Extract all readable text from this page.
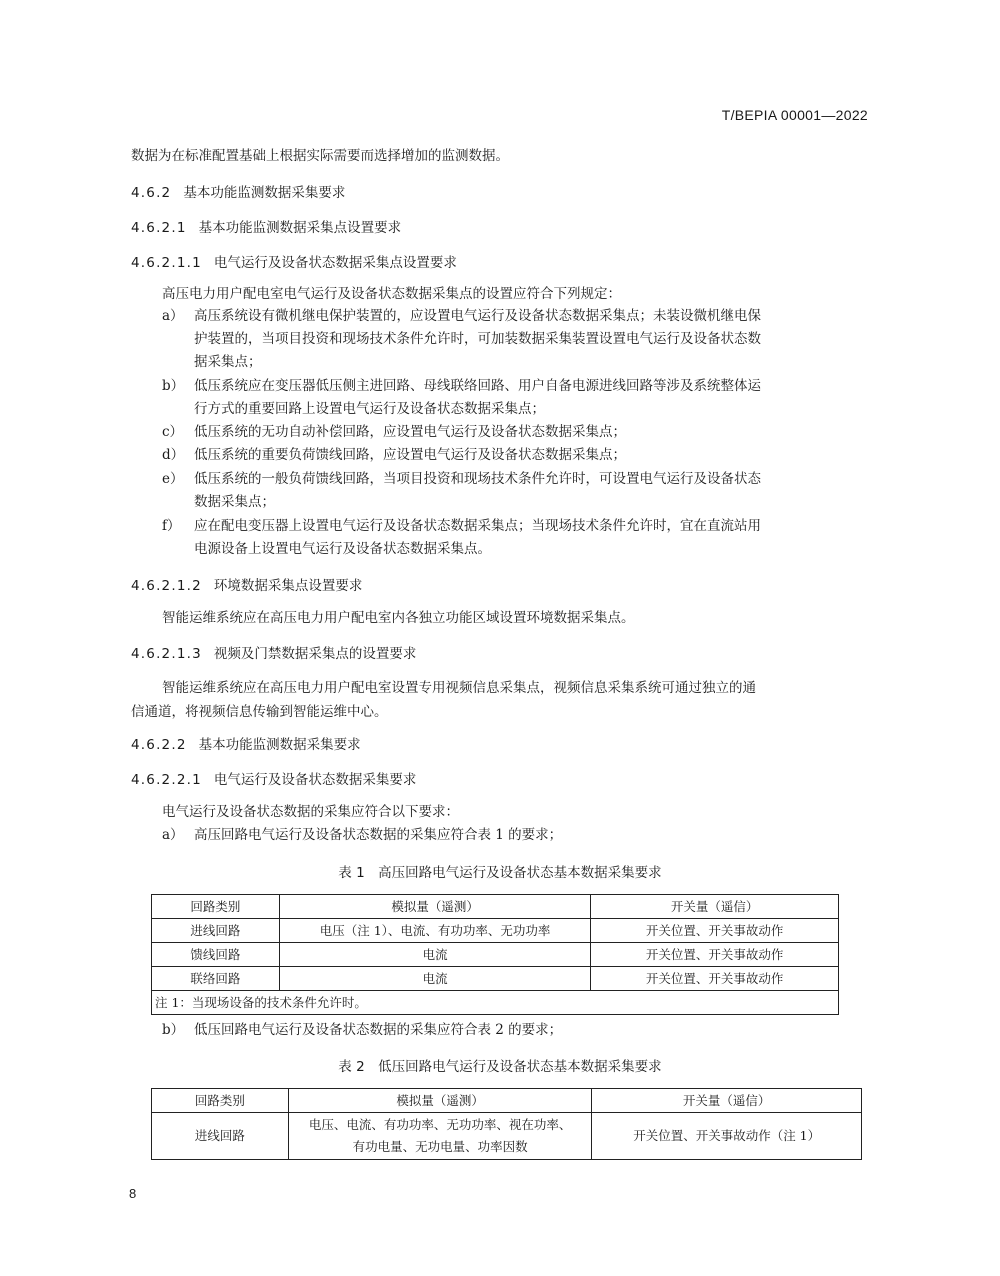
T/BEPIA 00001—2022
数据为在标准配置基础上根据实际需要而选择增加的监测数据。
4.6.2 基本功能监测数据采集要求
4.6.2.1 基本功能监测数据采集点设置要求
4.6.2.1.1 电气运行及设备状态数据采集点设置要求
高压电力用户配电室电气运行及设备状态数据采集点的设置应符合下列规定：
a） 高压系统设有微机继电保护装置的，应设置电气运行及设备状态数据采集点；未装设微机继电保
护装置的，当项目投资和现场技术条件允许时，可加装数据采集装置设置电气运行及设备状态数
据采集点；
b） 低压系统应在变压器低压侧主进回路、母线联络回路、用户自备电源进线回路等涉及系统整体运
行方式的重要回路上设置电气运行及设备状态数据采集点；
c） 低压系统的无功自动补偿回路，应设置电气运行及设备状态数据采集点；
d） 低压系统的重要负荷馈线回路，应设置电气运行及设备状态数据采集点；
e） 低压系统的一般负荷馈线回路，当项目投资和现场技术条件允许时，可设置电气运行及设备状态
数据采集点；
f） 应在配电变压器上设置电气运行及设备状态数据采集点；当现场技术条件允许时，宜在直流站用
电源设备上设置电气运行及设备状态数据采集点。
4.6.2.1.2 环境数据采集点设置要求
智能运维系统应在高压电力用户配电室内各独立功能区域设置环境数据采集点。
4.6.2.1.3 视频及门禁数据采集点的设置要求
智能运维系统应在高压电力用户配电室设置专用视频信息采集点，视频信息采集系统可通过独立的通
信通道，将视频信息传输到智能运维中心。
4.6.2.2 基本功能监测数据采集要求
4.6.2.2.1 电气运行及设备状态数据采集要求
电气运行及设备状态数据的采集应符合以下要求：
a） 高压回路电气运行及设备状态数据的采集应符合表 1 的要求；
表 1　高压回路电气运行及设备状态基本数据采集要求
回路类别	模拟量（遥测）	开关量（遥信）
进线回路	电压（注 1）、电流、有功功率、无功功率	开关位置、开关事故动作
馈线回路	电流	开关位置、开关事故动作
联络回路	电流	开关位置、开关事故动作
注 1：当现场设备的技术条件允许时。		
b） 低压回路电气运行及设备状态数据的采集应符合表 2 的要求；
表 2　低压回路电气运行及设备状态基本数据采集要求
回路类别	模拟量（遥测）	开关量（遥信）
进线回路	电压、电流、有功功率、无功功率、视在功率、
有功电量、无功电量、功率因数	开关位置、开关事故动作（注 1）
8
